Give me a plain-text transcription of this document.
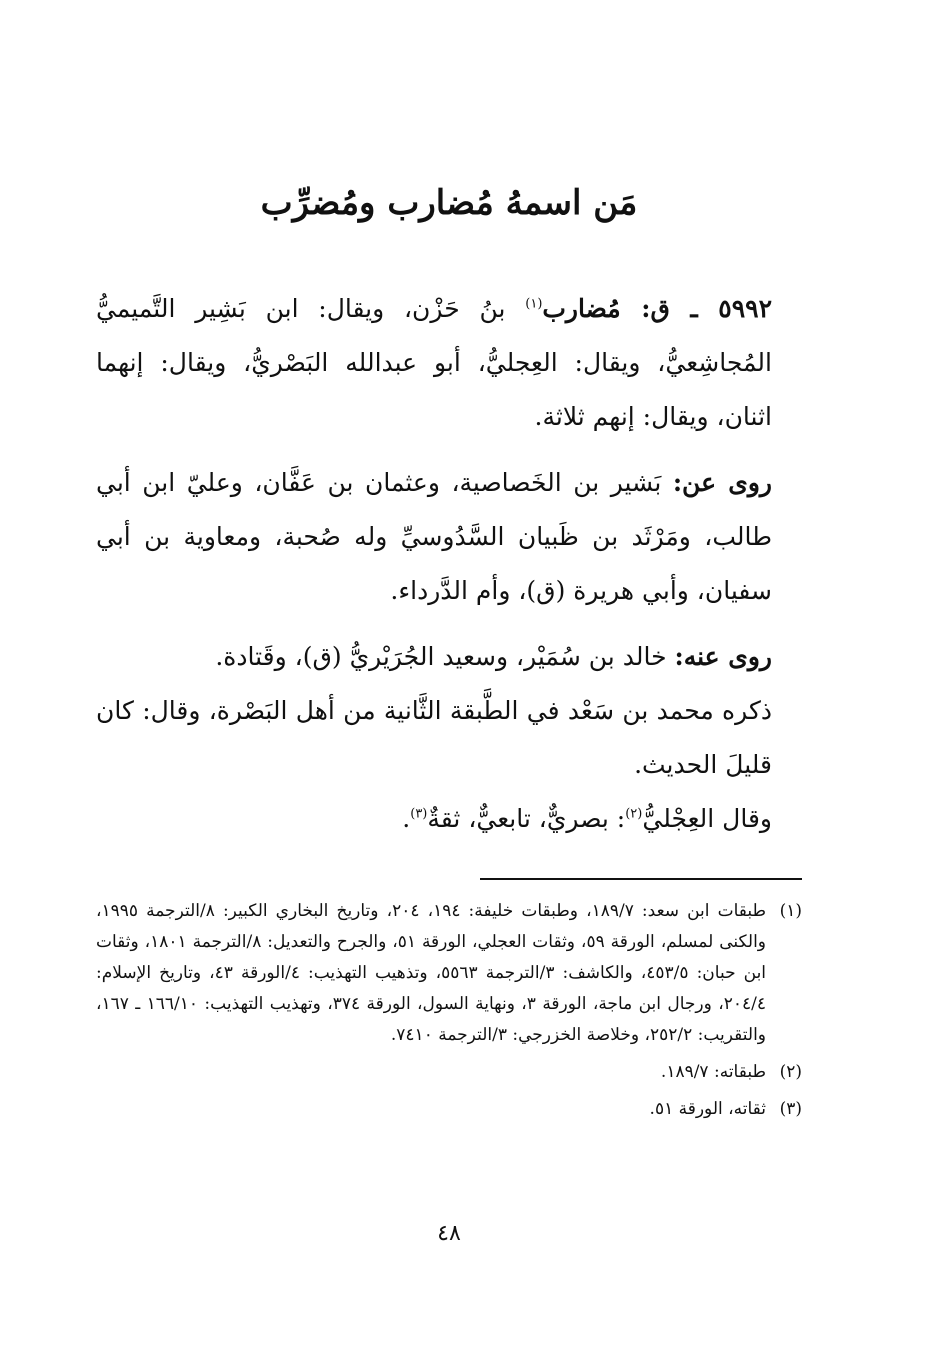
مَن اسمهُ مُضارب ومُضرِّب

٥٩٩٢ ـ ق: مُضارب$^{(١)}$ بنُ حَزْن، ويقال: ابن بَشِير التَّميميُّ المُجاشِعيُّ، ويقال: العِجليُّ، أبو عبدالله البَصْريُّ، ويقال: إنهما اثنان، ويقال: إنهم ثلاثة.

روى عن: بَشير بن الخَصاصية، وعثمان بن عَفَّان، وعليّ ابن أبي طالب، ومَرْثَد بن ظَبيان السَّدُوسيِّ وله صُحبة، ومعاوية بن أبي سفيان، وأبي هريرة (ق)، وأم الدَّرداء.

روى عنه: خالد بن سُمَيْر، وسعيد الجُرَيْريُّ (ق)، وقَتادة.

ذكره محمد بن سَعْد في الطَّبقة الثَّانية من أهل البَصْرة، وقال: كان قليلَ الحديث.

وقال العِجْليُّ$^{(٢)}$: بصريٌّ، تابعيٌّ، ثقةٌ$^{(٣)}$.

(١)
طبقات ابن سعد: ١٨٩/٧، وطبقات خليفة: ١٩٤، ٢٠٤، وتاريخ البخاري الكبير: ٨/الترجمة ١٩٩٥، والكنى لمسلم، الورقة ٥٩، وثقات العجلي، الورقة ٥١، والجرح والتعديل: ٨/الترجمة ١٨٠١، وثقات ابن حبان: ٤٥٣/٥، والكاشف: ٣/الترجمة ٥٥٦٣، وتذهيب التهذيب: ٤/الورقة ٤٣، وتاريخ الإسلام: ٢٠٤/٤، ورجال ابن ماجة، الورقة ٣، ونهاية السول، الورقة ٣٧٤، وتهذيب التهذيب: ١٦٦/١٠ ـ ١٦٧، والتقريب: ٢٥٢/٢، وخلاصة الخزرجي: ٣/الترجمة ٧٤١٠.
(٢)
طبقاته: ١٨٩/٧.
(٣)
ثقاته، الورقة ٥١.
٤٨
